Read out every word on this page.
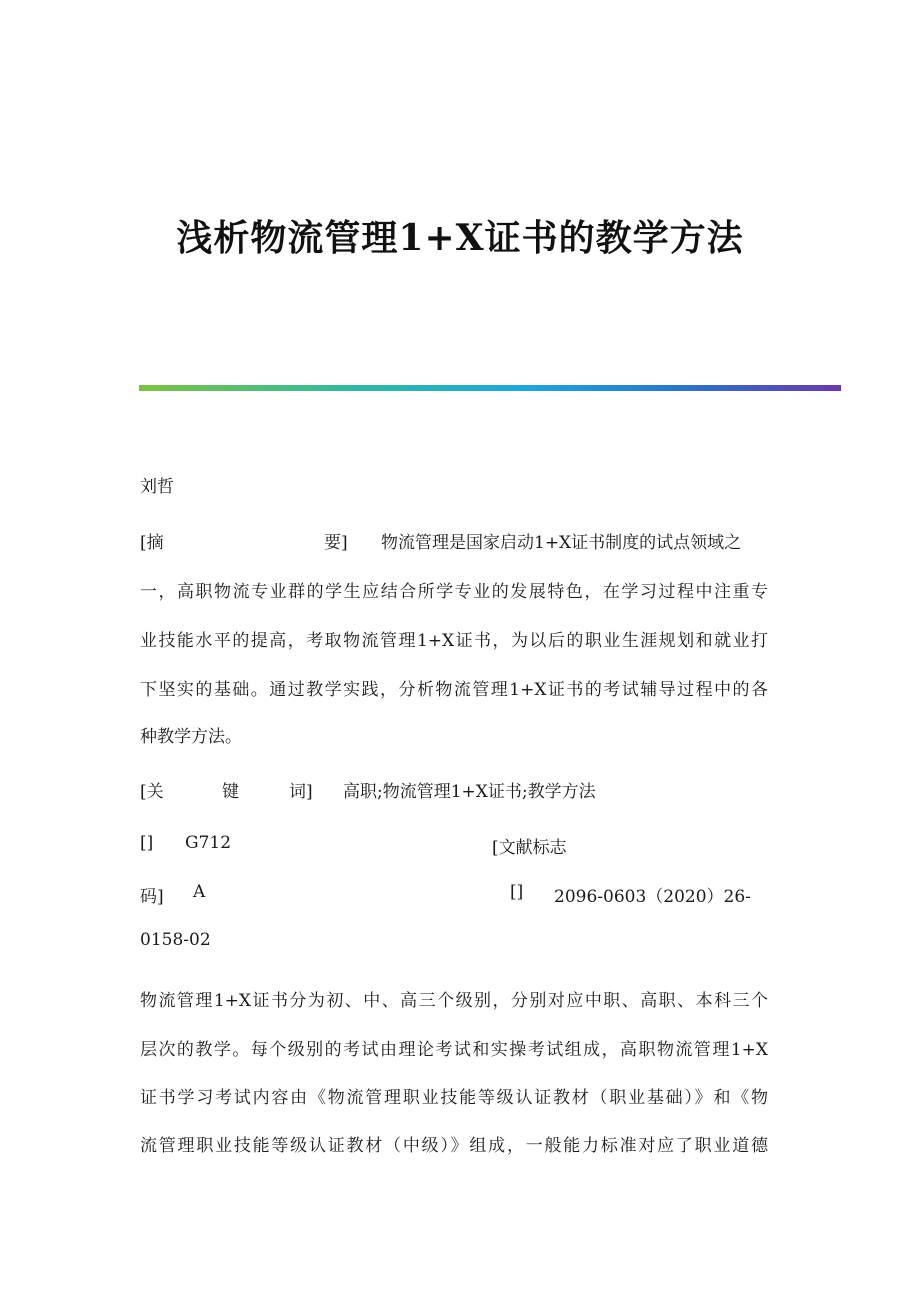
浅析物流管理1+X证书的教学方法
刘哲
[摘	要] 物流管理是国家启动1+X证书制度的试点领域之
一，高职物流专业群的学生应结合所学专业的发展特色，在学习过程中注重专
业技能水平的提高，考取物流管理1+X证书，为以后的职业生涯规划和就业打
下坚实的基础。通过教学实践，分析物流管理1+X证书的考试辅导过程中的各
种教学方法。
[关	键	词] 高职;物流管理1+X证书;教学方法
[] G712	[文献标志
码] A	[] 2096-0603（2020）26-
0158-02
物流管理1+X证书分为初、中、高三个级别，分别对应中职、高职、本科三个
层次的教学。每个级别的考试由理论考试和实操考试组成，高职物流管理1+X
证书学习考试内容由《物流管理职业技能等级认证教材（职业基础）》和《物
流管理职业技能等级认证教材（中级）》组成，一般能力标准对应了职业道德
